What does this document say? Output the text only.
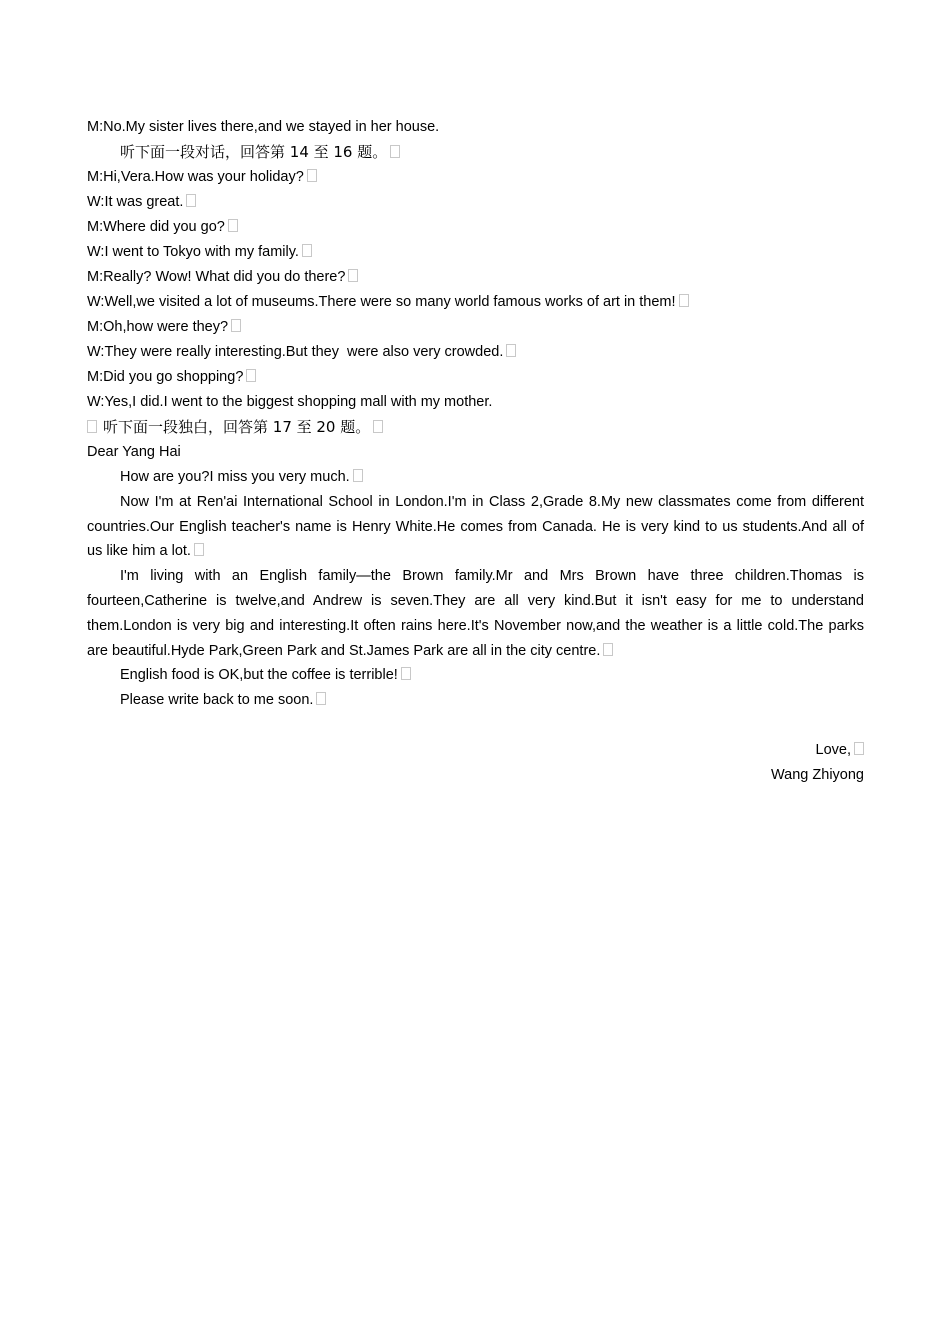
M:No.My sister lives there,and we stayed in her house.
听下面一段对话，回答第 14 至 16 题。
M:Hi,Vera.How was your holiday?
W:It was great.
M:Where did you go?
W:I went to Tokyo with my family.
M:Really? Wow! What did you do there?
W:Well,we visited a lot of museums.There were so many world famous works of art in them!
M:Oh,how were they?
W:They were really interesting.But they  were also very crowded.
M:Did you go shopping?
W:Yes,I did.I went to the biggest shopping mall with my mother.
听下面一段独白，回答第 17 至 20 题。
Dear Yang Hai
How are you?I miss you very much.
Now I'm at Ren'ai International School in London.I'm in Class 2,Grade 8.My new classmates come from different countries.Our English teacher's name is Henry White.He comes from Canada. He is very kind to us students.And all of us like him a lot.
I'm living with an English family—the Brown family.Mr and Mrs Brown have three children.Thomas is fourteen,Catherine is twelve,and Andrew is seven.They are all very kind.But it isn't easy for me to understand them.London is very big and interesting.It often rains here.It's November now,and the weather is a little cold.The parks are beautiful.Hyde Park,Green Park and St.James Park are all in the city centre.
English food is OK,but the coffee is terrible!
Please write back to me soon.
Love,
Wang Zhiyong
